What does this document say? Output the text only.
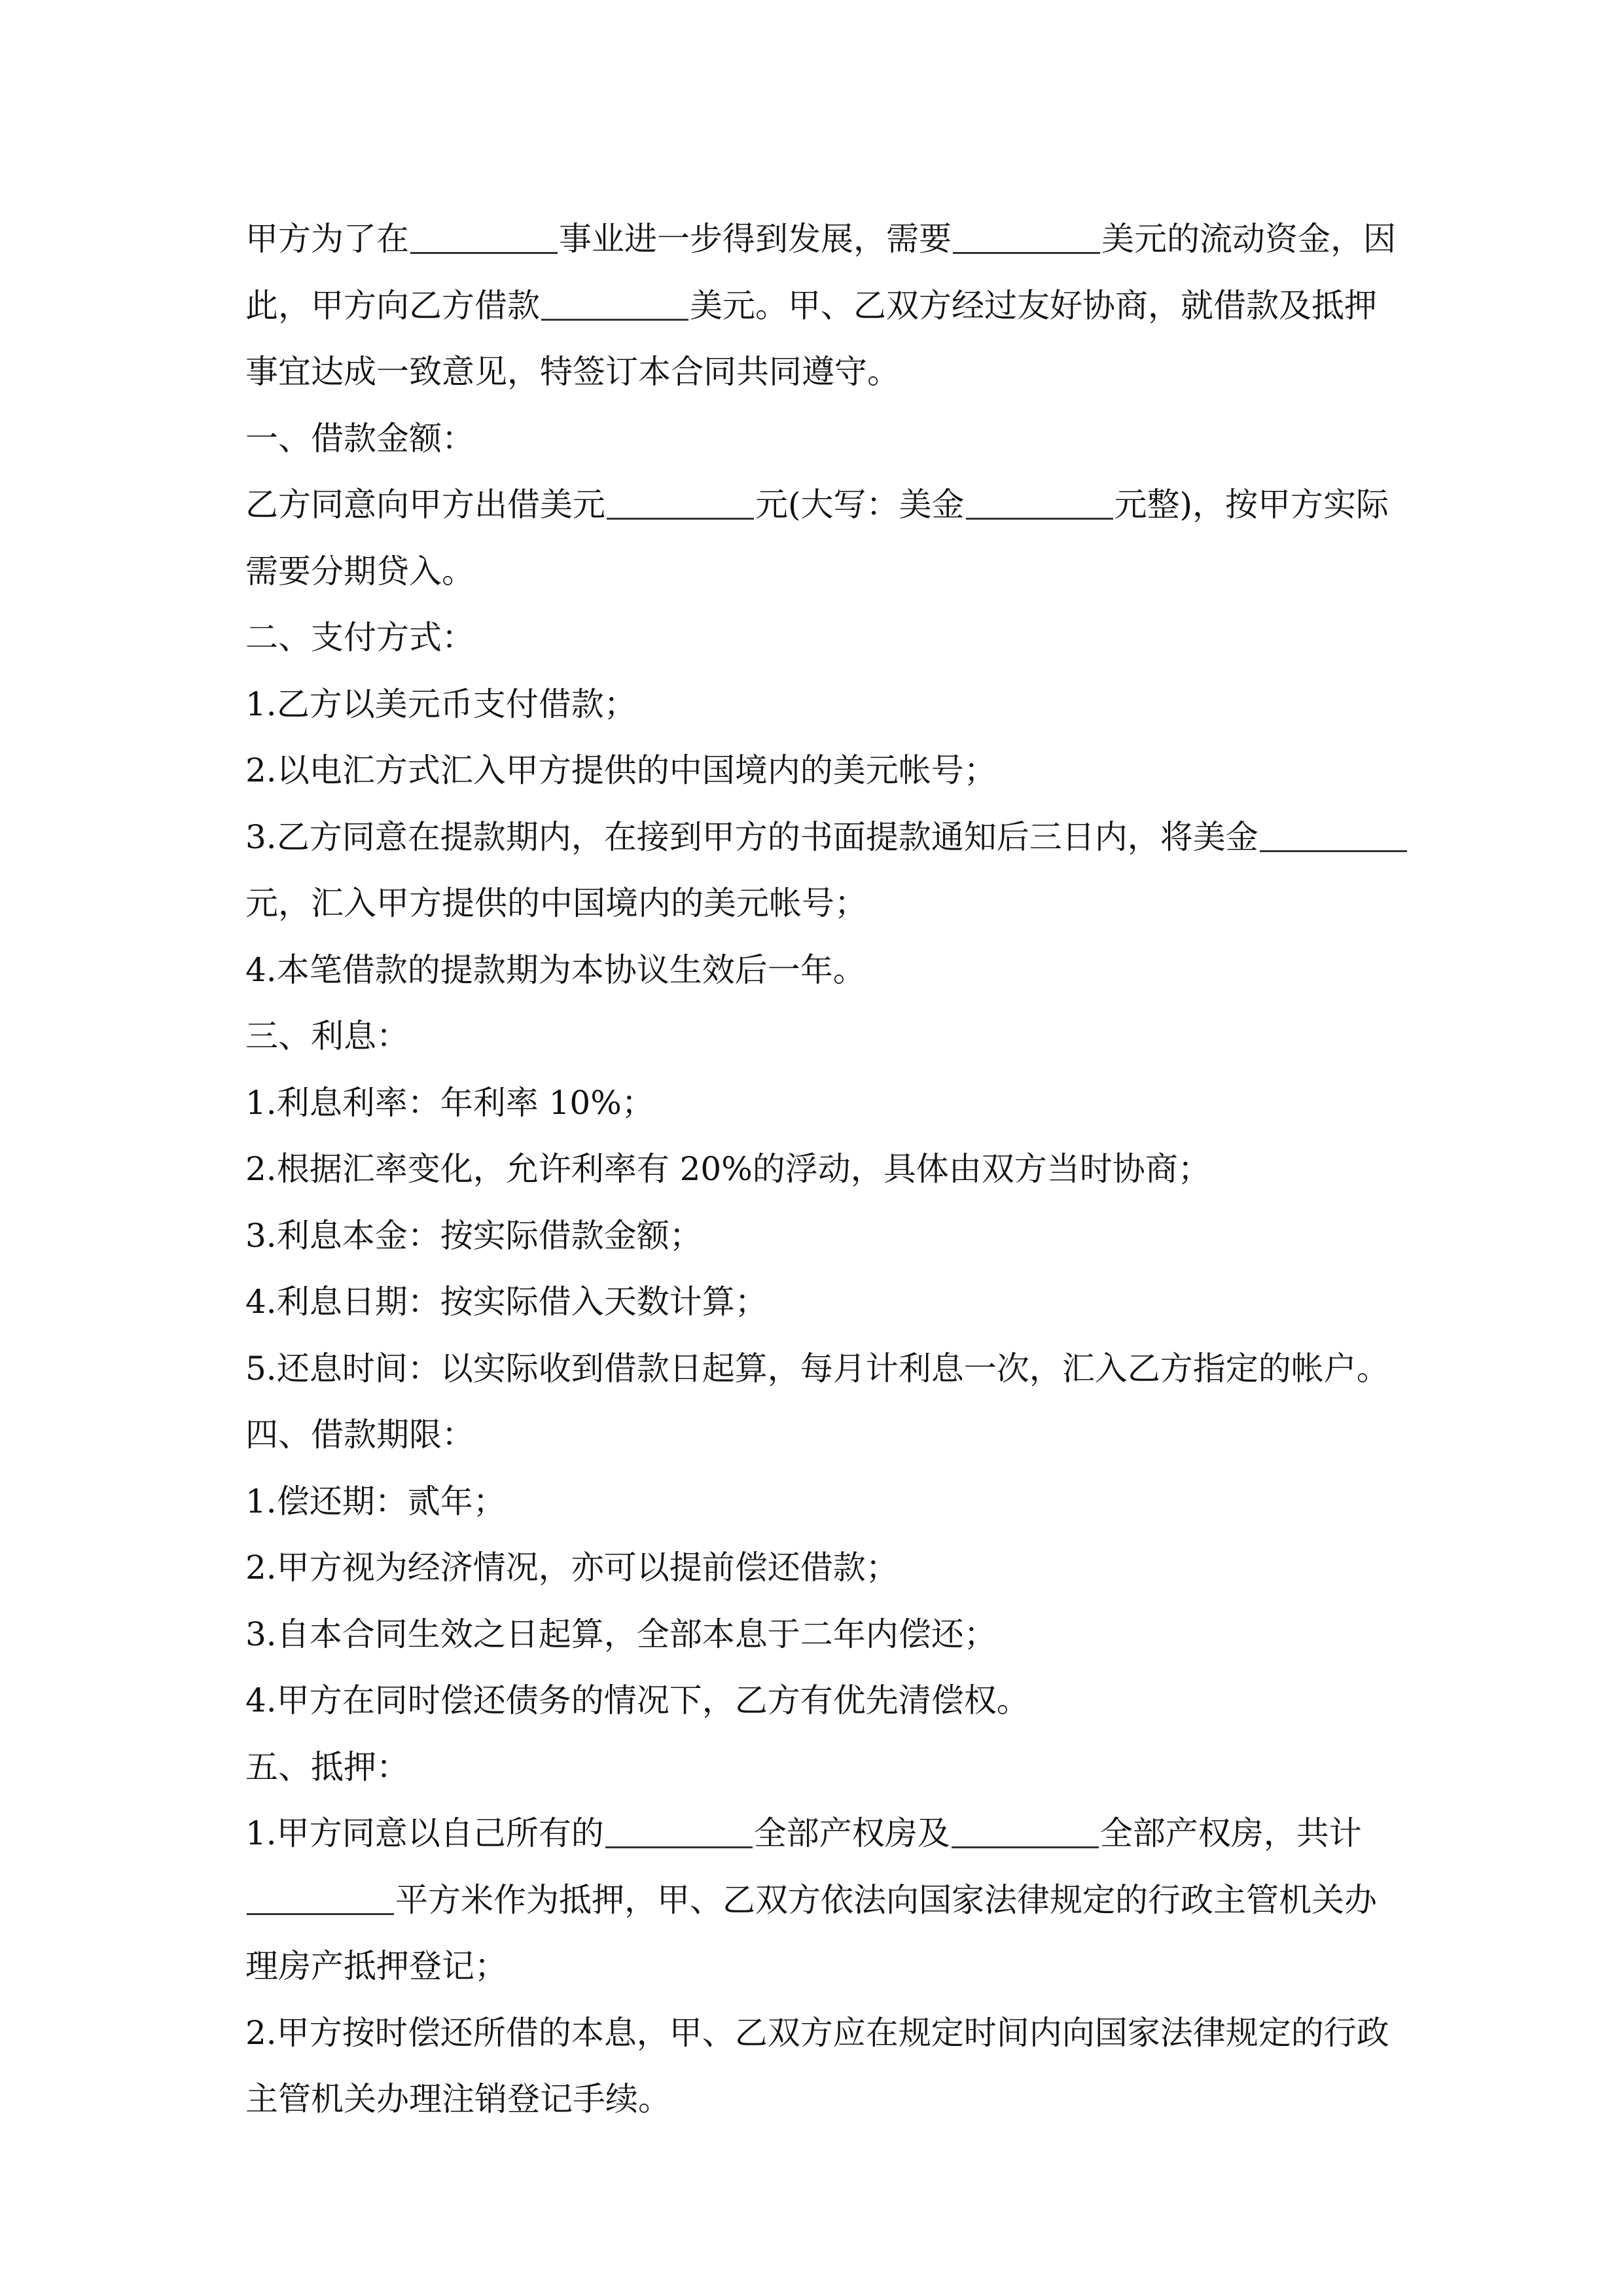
甲方为了在	事业进一步得到发展，需要	美元的流动资金，因
此，甲方向乙方借款	美元。甲、乙双方经过友好协商，就借款及抵押
事宜达成一致意见，特签订本合同共同遵守。
一、借款金额：
乙方同意向甲方出借美元	元(大写：美金	元整)，按甲方实际
需要分期贷入。
二、支付方式：
1.乙方以美元币支付借款；
2.以电汇方式汇入甲方提供的中国境内的美元帐号；
3.乙方同意在提款期内，在接到甲方的书面提款通知后三日内，将美金
元，汇入甲方提供的中国境内的美元帐号；
4.本笔借款的提款期为本协议生效后一年。
三、利息：
1.利息利率：年利率 10%；
2.根据汇率变化，允许利率有 20%的浮动，具体由双方当时协商；
3.利息本金：按实际借款金额；
4.利息日期：按实际借入天数计算；
5.还息时间：以实际收到借款日起算，每月计利息一次，汇入乙方指定的帐户。
四、借款期限：
1.偿还期：贰年；
2.甲方视为经济情况，亦可以提前偿还借款；
3.自本合同生效之日起算，全部本息于二年内偿还；
4.甲方在同时偿还债务的情况下，乙方有优先清偿权。
五、抵押：
1.甲方同意以自己所有的	全部产权房及	全部产权房，共计
平方米作为抵押，甲、乙双方依法向国家法律规定的行政主管机关办
理房产抵押登记；
2.甲方按时偿还所借的本息，甲、乙双方应在规定时间内向国家法律规定的行政
主管机关办理注销登记手续。
